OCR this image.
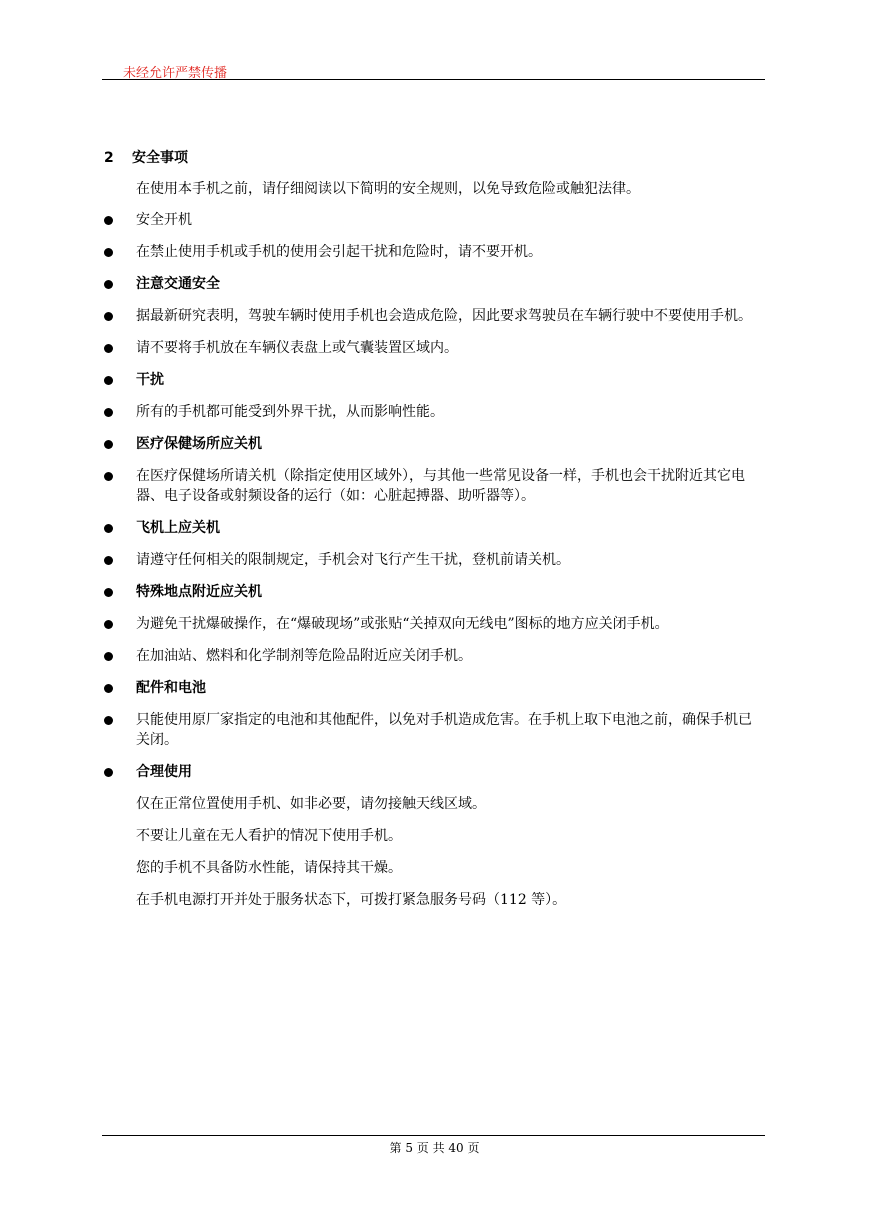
未经允许严禁传播
2 安全事项
在使用本手机之前，请仔细阅读以下简明的安全规则，以免导致危险或触犯法律。
安全开机
在禁止使用手机或手机的使用会引起干扰和危险时，请不要开机。
注意交通安全
据最新研究表明，驾驶车辆时使用手机也会造成危险，因此要求驾驶员在车辆行驶中不要使用手机。
请不要将手机放在车辆仪表盘上或气囊装置区域内。
干扰
所有的手机都可能受到外界干扰，从而影响性能。
医疗保健场所应关机
在医疗保健场所请关机（除指定使用区域外），与其他一些常见设备一样，手机也会干扰附近其它电器、电子设备或射频设备的运行（如：心脏起搏器、助听器等）。
飞机上应关机
请遵守任何相关的限制规定，手机会对飞行产生干扰，登机前请关机。
特殊地点附近应关机
为避免干扰爆破操作，在“爆破现场”或张贴“关掉双向无线电”图标的地方应关闭手机。
在加油站、燃料和化学制剂等危险品附近应关闭手机。
配件和电池
只能使用原厂家指定的电池和其他配件，以免对手机造成危害。在手机上取下电池之前，确保手机已关闭。
合理使用
仅在正常位置使用手机、如非必要，请勿接触天线区域。
不要让儿童在无人看护的情况下使用手机。
您的手机不具备防水性能，请保持其干燥。
在手机电源打开并处于服务状态下，可拨打紧急服务号码（112 等）。
第 5 页 共 40 页
